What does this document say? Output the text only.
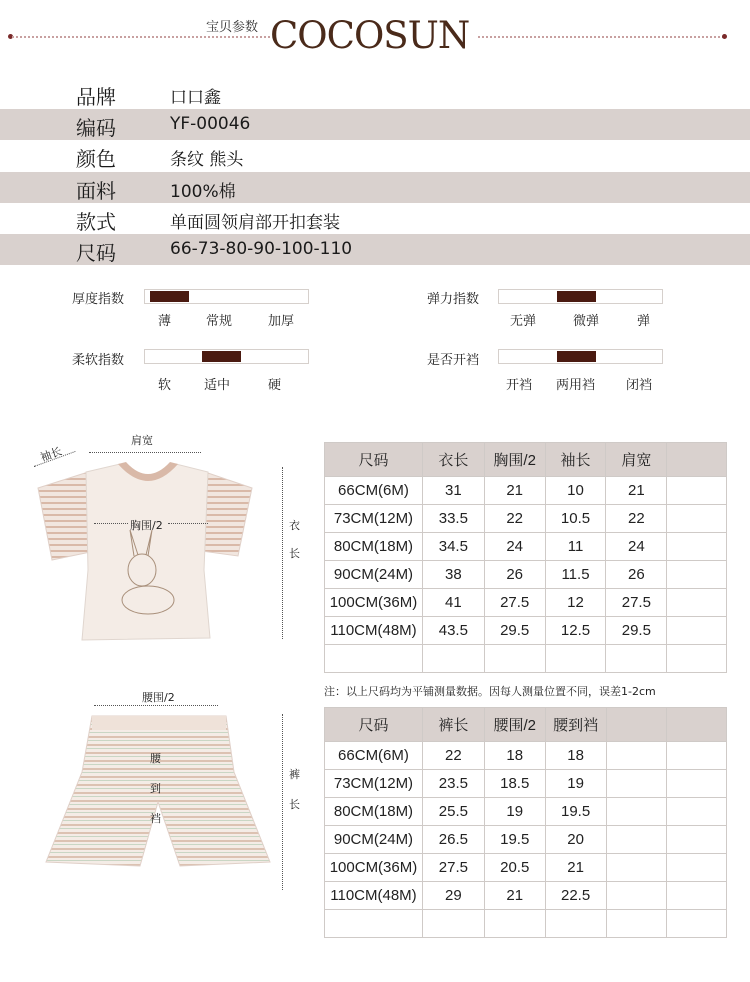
宝贝参数 COCOSUN
品牌	口口鑫
编码	YF-00046
颜色	条纹 熊头
面料	100%棉
款式	单面圆领肩部开扣套装
尺码	66-73-80-90-100-110
厚度指数
薄	常规	加厚
弹力指数
无弹	微弹	弹
柔软指数
软	适中	硬
是否开裆
开裆 两用裆 闭裆
袖长
肩宽
胸围/2	衣
长
尺码	衣长	胸围/2	袖长	肩宽	
66CM(6M)	31	21	10	21	
73CM(12M)	33.5	22	10.5	22	
80CM(18M)	34.5	24	11	24	
90CM(24M)	38	26	11.5	26	
100CM(36M)	41	27.5	12	27.5	
110CM(48M)	43.5	29.5	12.5	29.5	

注：以上尺码均为平铺测量数据。因每人测量位置不同，误差1-2cm
腰围/2
腰
到
裆
裤
长
尺码	裤长	腰围/2	腰到裆		
66CM(6M)	22	18	18		
73CM(12M)	23.5	18.5	19		
80CM(18M)	25.5	19	19.5		
90CM(24M)	26.5	19.5	20		
100CM(36M)	27.5	20.5	21		
110CM(48M)	29	21	22.5		
